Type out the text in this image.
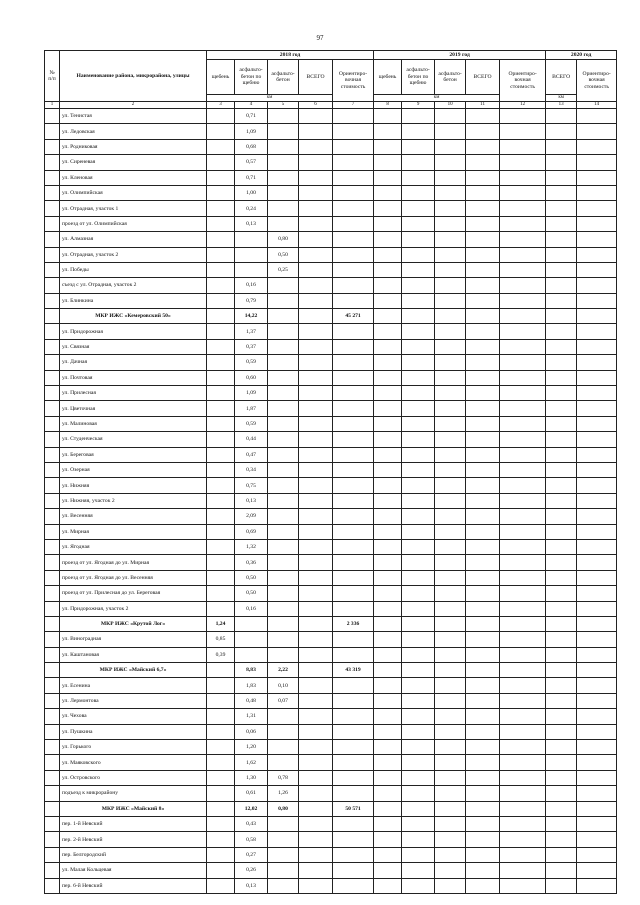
97
№ п/п	Наименование района, микрорайона, улицы	2018 год					2019 год					2020 год	
		щебень	асфальто-бетон по щебню	асфальто-бетон	ВСЕГО	Ориентиро-вочная стоимость	щебень	асфальто-бетон по щебню	асфальто-бетон	ВСЕГО	Ориентиро-вочная стоимость	ВСЕГО	Ориентиро-вочная стоимость
		км					км					км	
1	2	3	4	5	6	7	8	9	10	11	12	13	14
	ул. Тенистая		0,71										
	ул. Ледовская		1,09										
	ул. Родниковая		0,68										
	ул. Сиреневая		0,57										
	ул. Кленовая		0,71										
	ул. Олимпийская		1,00										
	ул. Отрадная, участок 1		0,24										
	проезд от ул. Олимпийская		0,13										
	ул. Алмазная			0,80									
	ул. Отрадная, участок 2			0,50									
	ул. Победы			0,25									
	съезд с ул. Отрадная, участок 2		0,16										
	ул. Блинкина		0,79										
	МКР ИЖС «Кемеровский 50»		14,22			45 271							
	ул. Придорожная		1,37										
	ул. Связная		0,37										
	ул. Дачная		0,59										
	ул. Почтовая		0,60										
	ул. Прилесная		1,09										
	ул. Цветочная		1,87										
	ул. Малиновая		0,59										
	ул. Студенческая		0,44										
	ул. Береговая		0,47										
	ул. Озерная		0,34										
	ул. Нижняя		0,75										
	ул. Нижняя, участок 2		0,13										
	ул. Весенняя		2,09										
	ул. Мирная		0,69										
	ул. Ягодная		1,32										
	проезд от ул. Ягодная до ул. Мирная		0,36										
	проезд от ул. Ягодная до ул. Весенняя		0,50										
	проезд от ул. Прилесная до ул. Береговая		0,50										
	ул. Придорожная, участок 2		0,16										
	МКР ИЖС «Крутой Лог»	1,24				2 336							
	ул. Виноградная	0,85											
	ул. Каштановая	0,39											
	МКР ИЖС «Майский 6,7»		8,83	2,22		43 319							
	ул. Есенина		1,83	0,10									
	ул. Лермонтова		0,48	0,07									
	ул. Чехова		1,31										
	ул. Пушкина		0,06										
	ул. Горького		1,20										
	ул. Маяковского		1,62										
	ул. Островского		1,30	0,78									
	подъезд к микрорайону		0,61	1,26									
	МКР ИЖС «Майский 8»		12,02	0,80		50 571							
	пер. 1-й Невский		0,43										
	пер. 2-й Невский		0,58										
	пер. Белгородский		0,27										
	ул. Малая Кольцевая		0,26										
	пер. 6-й Невский		0,13										
